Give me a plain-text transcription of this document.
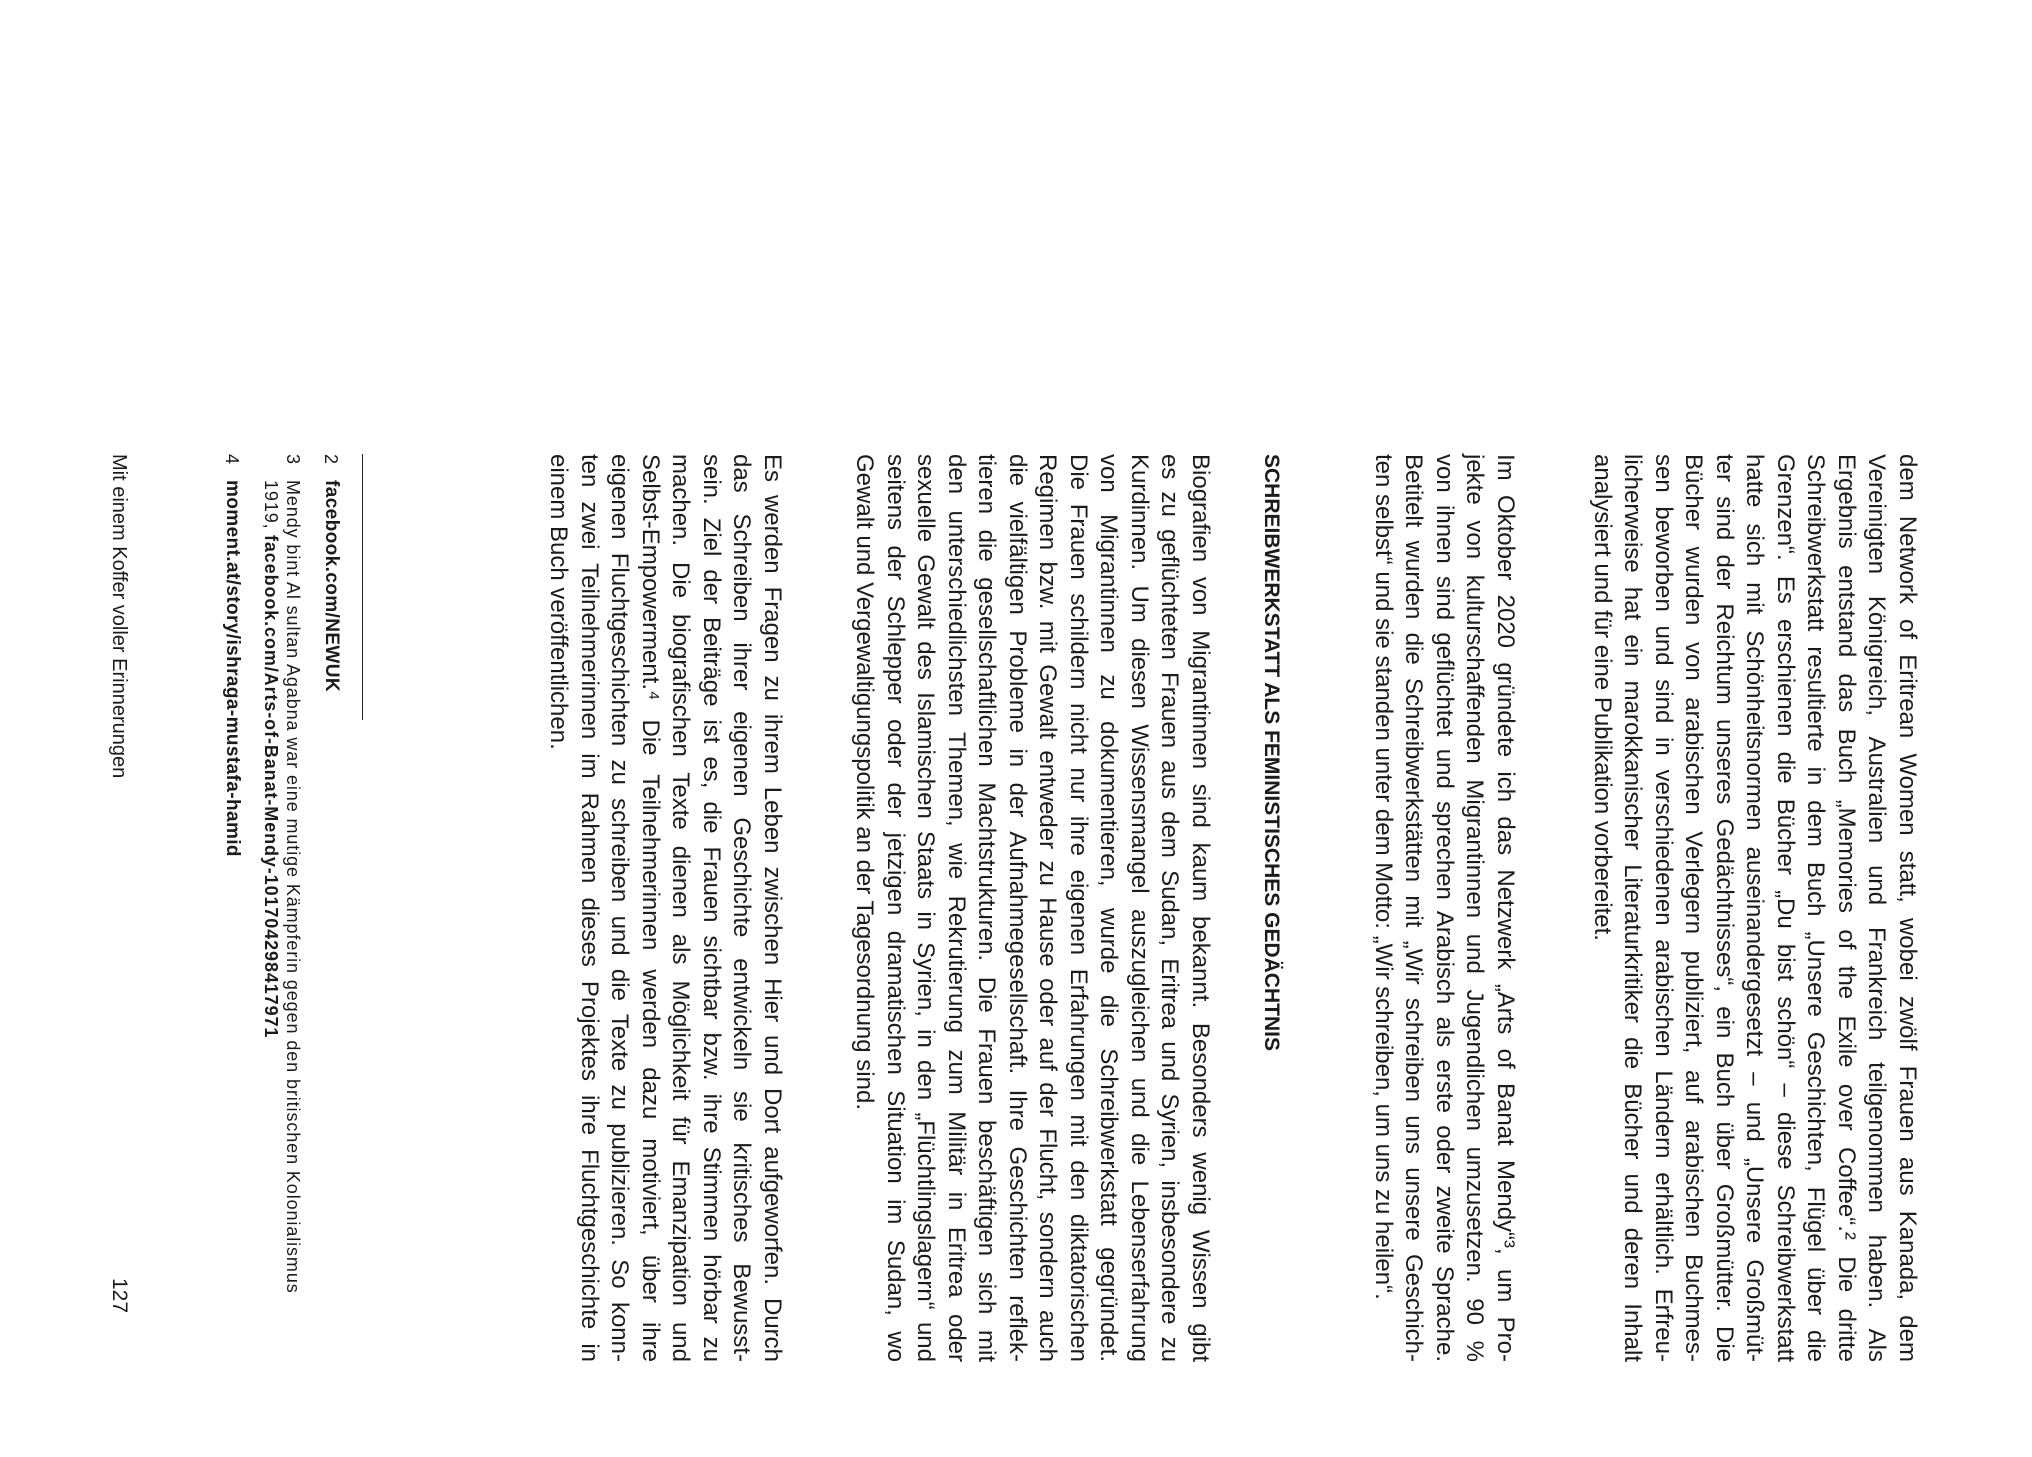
dem Network of Eritrean Women statt, wobei zwölf Frauen aus Kanada, dem
Vereinigten Königreich, Australien und Frankreich teilgenommen haben. Als
Ergebnis entstand das Buch „Memories of the Exile over Coffee“.² Die dritte
Schreibwerkstatt resultierte in dem Buch „Unsere Geschichten, Flügel über die
Grenzen“. Es erschienen die Bücher „Du bist schön“ – diese Schreibwerkstatt
hatte sich mit Schönheitsnormen auseinandergesetzt – und „Unsere Großmüt-
ter sind der Reichtum unseres Gedächtnisses“, ein Buch über Großmütter. Die
Bücher wurden von arabischen Verlegern publiziert, auf arabischen Buchmes-
sen beworben und sind in verschiedenen arabischen Ländern erhältlich. Erfreu-
licherweise hat ein marokkanischer Literaturkritiker die Bücher und deren Inhalt
analysiert und für eine Publikation vorbereitet.
Im Oktober 2020 gründete ich das Netzwerk „Arts of Banat Mendy“³, um Pro-
jekte von kulturschaffenden Migrantinnen und Jugendlichen umzusetzen. 90 %
von ihnen sind geflüchtet und sprechen Arabisch als erste oder zweite Sprache.
Betitelt wurden die Schreibwerkstätten mit „Wir schreiben uns unsere Geschich-
ten selbst“ und sie standen unter dem Motto: „Wir schreiben, um uns zu heilen“.
SCHREIBWERKSTATT ALS FEMINISTISCHES GEDÄCHTNIS
Biografien von Migrantinnen sind kaum bekannt. Besonders wenig Wissen gibt
es zu geflüchteten Frauen aus dem Sudan, Eritrea und Syrien, insbesondere zu
Kurdinnen. Um diesen Wissensmangel auszugleichen und die Lebenserfahrung
von Migrantinnen zu dokumentieren, wurde die Schreibwerkstatt gegründet.
Die Frauen schildern nicht nur ihre eigenen Erfahrungen mit den diktatorischen
Regimen bzw. mit Gewalt entweder zu Hause oder auf der Flucht, sondern auch
die vielfältigen Probleme in der Aufnahmegesellschaft. Ihre Geschichten reflek-
tieren die gesellschaftlichen Machtstrukturen. Die Frauen beschäftigen sich mit
den unterschiedlichsten Themen, wie Rekrutierung zum Militär in Eritrea oder
sexuelle Gewalt des Islamischen Staats in Syrien, in den „Flüchtlingslagern“ und
seitens der Schlepper oder der jetzigen dramatischen Situation im Sudan, wo
Gewalt und Vergewaltigungspolitik an der Tagesordnung sind.
Es werden Fragen zu ihrem Leben zwischen Hier und Dort aufgeworfen. Durch
das Schreiben ihrer eigenen Geschichte entwickeln sie kritisches Bewusst-
sein. Ziel der Beiträge ist es, die Frauen sichtbar bzw. ihre Stimmen hörbar zu
machen. Die biografischen Texte dienen als Möglichkeit für Emanzipation und
Selbst-Empowerment.⁴ Die Teilnehmerinnen werden dazu motiviert, über ihre
eigenen Fluchtgeschichten zu schreiben und die Texte zu publizieren. So konn-
ten zwei Teilnehmerinnen im Rahmen dieses Projektes ihre Fluchtgeschichte in
einem Buch veröffentlichen.
2
facebook.com/NEWUK
3
Mendy bint Al sultan Agabna war eine mutige Kämpferin gegen den britischen Kolonialismus
1919,facebook.com/Arts-of-Banat-Mendy-101704298417971
4
moment.at/story/ishraga-mustafa-hamid
Mit einem Koffer voller Erinnerungen
127
